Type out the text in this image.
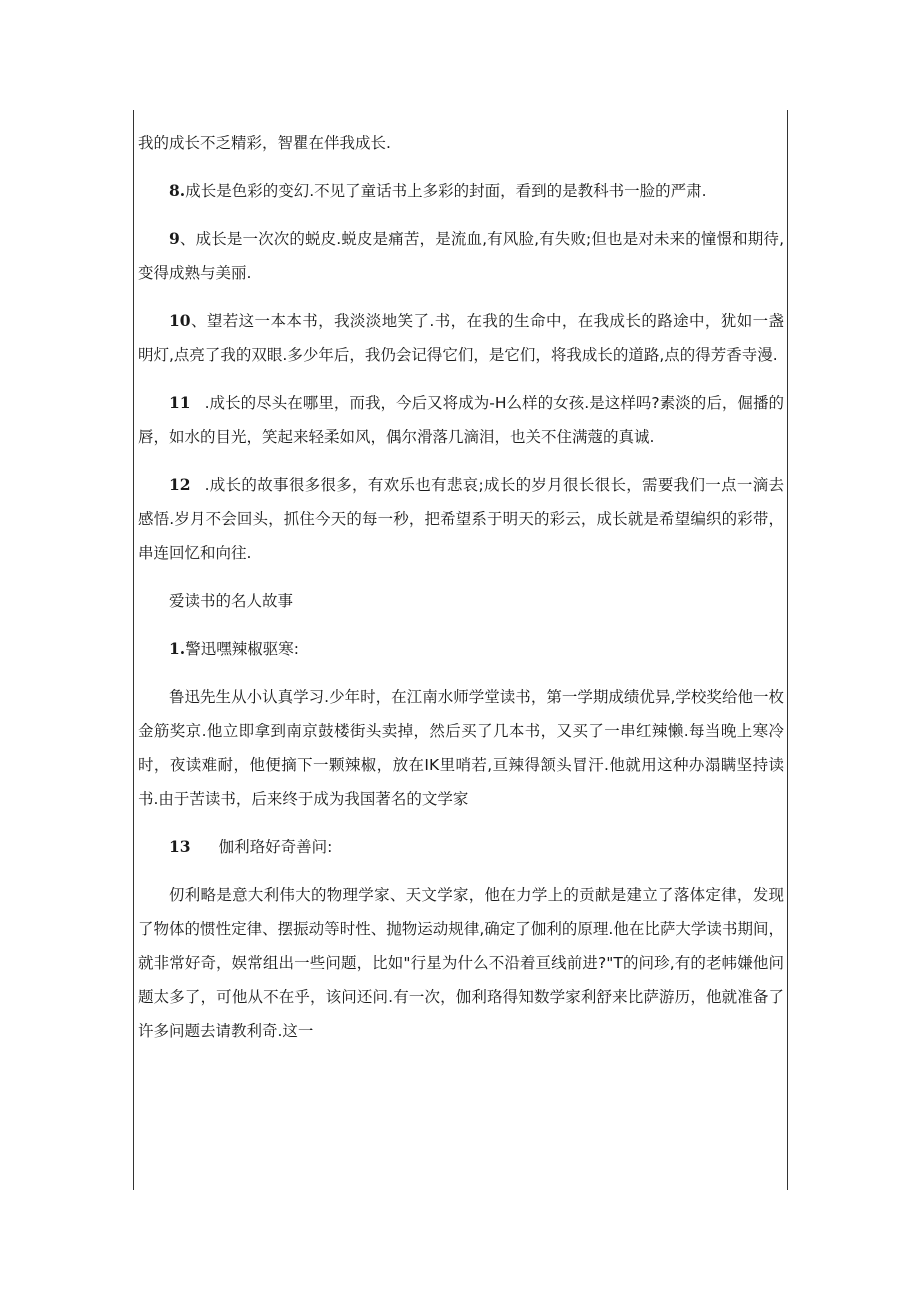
我的成长不乏精彩，智瞿在伴我成长.

8.成长是色彩的变幻.不见了童话书上多彩的封面，看到的是教科书一脸的严肃.

9、成长是一次次的蜕皮.蜕皮是痛苦，是流血,有风脸,有失败;但也是对未来的憧憬和期待,变得成熟与美丽.

10、望若这一本本书，我淡淡地笑了.书，在我的生命中，在我成长的路途中，犹如一盏明灯,点亮了我的双眼.多少年后，我仍会记得它们，是它们，将我成长的道路,点的得芳香寺漫.

11 .成长的尽头在哪里，而我，今后又将成为-H么样的女孩.是这样吗?素淡的后，倔播的唇，如水的目光，笑起来轻柔如风，偶尔滑落几滴泪，也关不住满蔻的真诚.

12 .成长的故事很多很多，有欢乐也有悲哀;成长的岁月很长很长，需要我们一点一滴去感悟.岁月不会回头，抓住今天的每一秒，把希望系于明天的彩云，成长就是希望编织的彩带，串连回忆和向往.

爱读书的名人故事

1.警迅嘿辣椒驱寒:

鲁迅先生从小认真学习.少年时，在江南水师学堂读书，第一学期成绩优异,学校奖给他一枚金筋奖京.他立即拿到南京鼓楼街头卖掉，然后买了几本书，又买了一串红辣懒.每当晚上寒冷时，夜读难耐，他便摘下一颗辣椒，放在IK里哨若,亘辣得颔头冒汗.他就用这种办溻瞒坚持读书.由于苦读书，后来终于成为我国著名的文学家

13 伽利珞好奇善问:

仞利略是意大利伟大的物理学家、天文学家，他在力学上的贡献是建立了落体定律，发现了物体的惯性定律、摆振动等时性、抛物运动规律,确定了伽利的原理.他在比萨大学读书期间，就非常好奇，娱常组出一些问题，比如"行星为什么不沿着亘线前进?"T的问珍,有的老帏嫌他问题太多了，可他从不在乎，该问还问.有一次，伽利珞得知数学家利舒来比萨游历，他就准备了许多问题去请教利奇.这一
